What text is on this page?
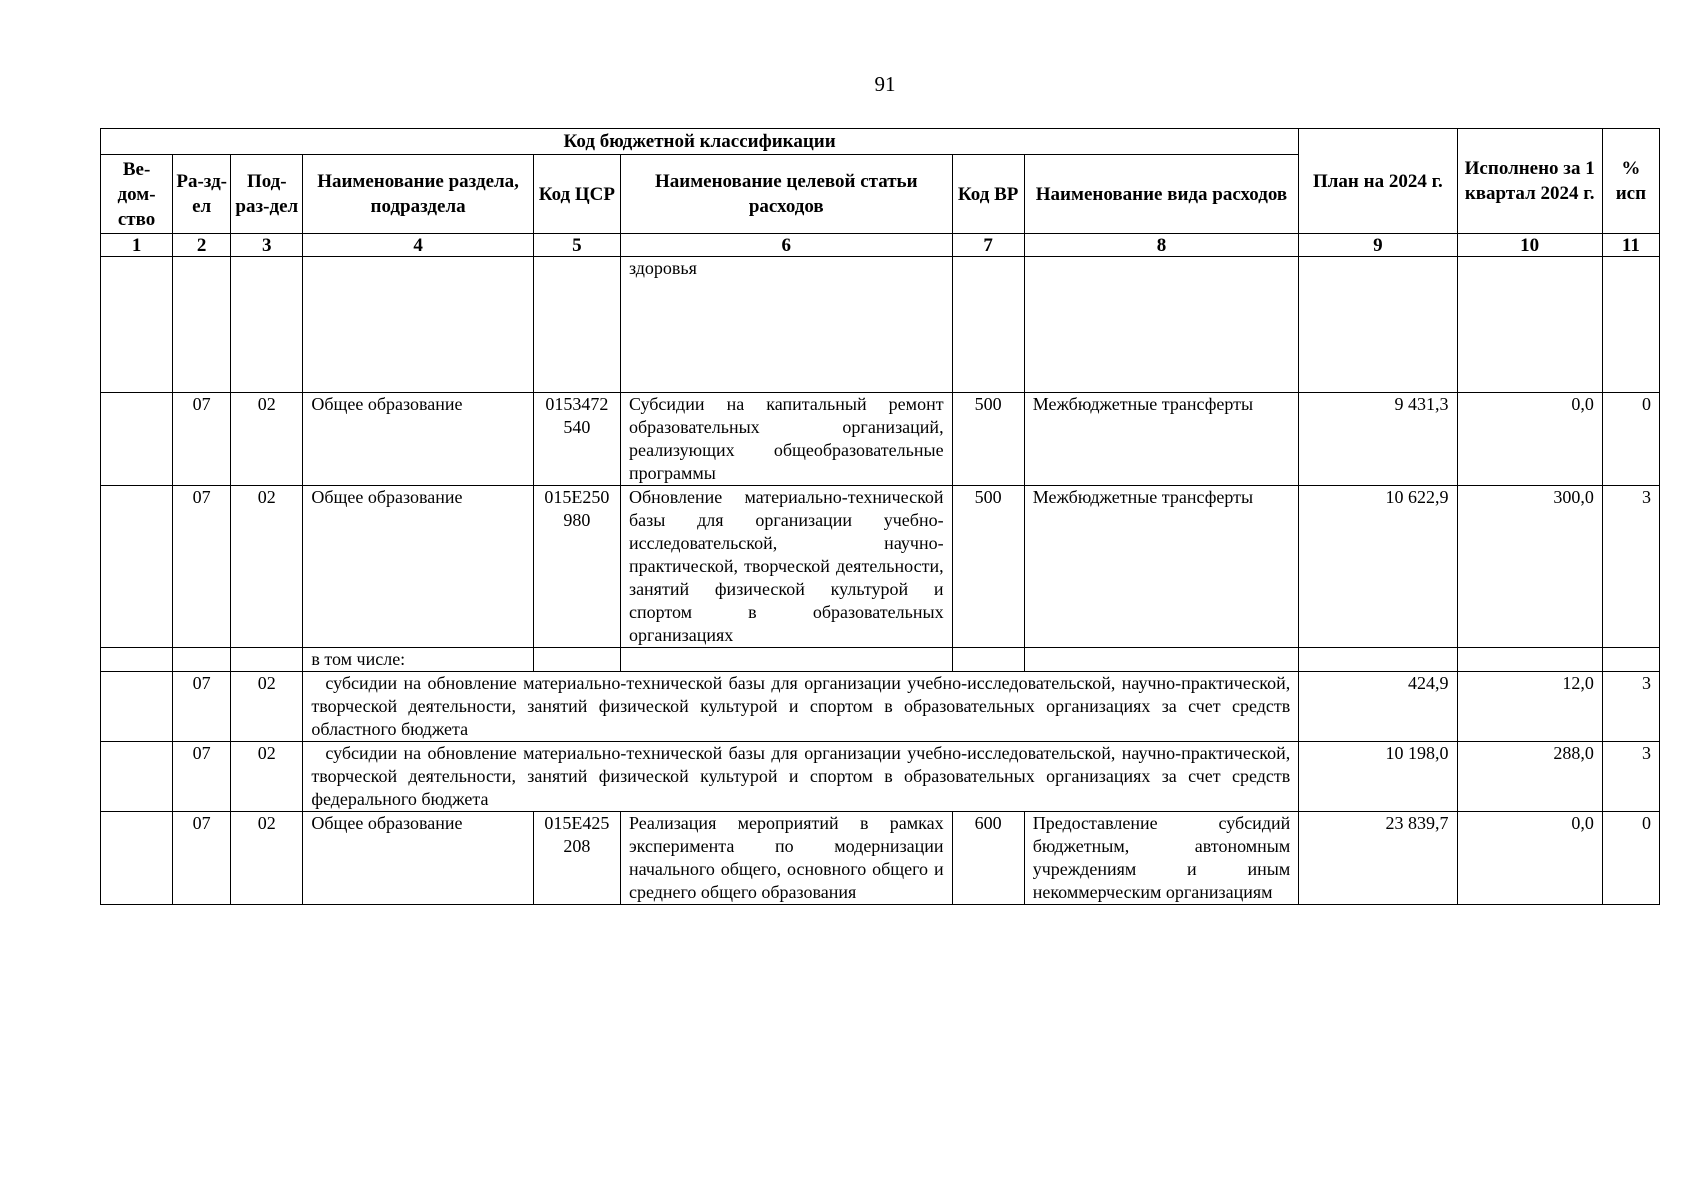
91
Код бюджетной классификации								План на 2024 г.	Исполнено за 1 квартал 2024 г.	% исп
Ве-дом-ство	Ра-зд-ел	Под-раз-дел	Наименование раздела, подраздела	Код ЦСР	Наименование целевой статьи расходов	Код ВР	Наименование вида расходов			
1	2	3	4	5	6	7	8	9	10	11
					здоровья					
	07	02	Общее образование	0153472540	Субсидии на капитальный ремонт образовательных организаций, реализующих общеобразовательные программы	500	Межбюджетные трансферты	9 431,3	0,0	0
	07	02	Общее образование	015E250980	Обновление материально-технической базы для организации учебно-исследовательской, научно-практической, творческой деятельности, занятий физической культурой и спортом в образовательных организациях	500	Межбюджетные трансферты	10 622,9	300,0	3
			в том числе:							
	07	02	субсидии на обновление материально-технической базы для организации учебно-исследовательской, научно-практической, творческой деятельности, занятий физической культурой и спортом в образовательных организациях за счет средств областного бюджета					424,9	12,0	3
	07	02	субсидии на обновление материально-технической базы для организации учебно-исследовательской, научно-практической, творческой деятельности, занятий физической культурой и спортом в образовательных организациях за счет средств федерального бюджета					10 198,0	288,0	3
	07	02	Общее образование	015E425208	Реализация мероприятий в рамках эксперимента по модернизации начального общего, основного общего и среднего общего образования	600	Предоставление субсидий бюджетным, автономным учреждениям и иным некоммерческим организациям	23 839,7	0,0	0
